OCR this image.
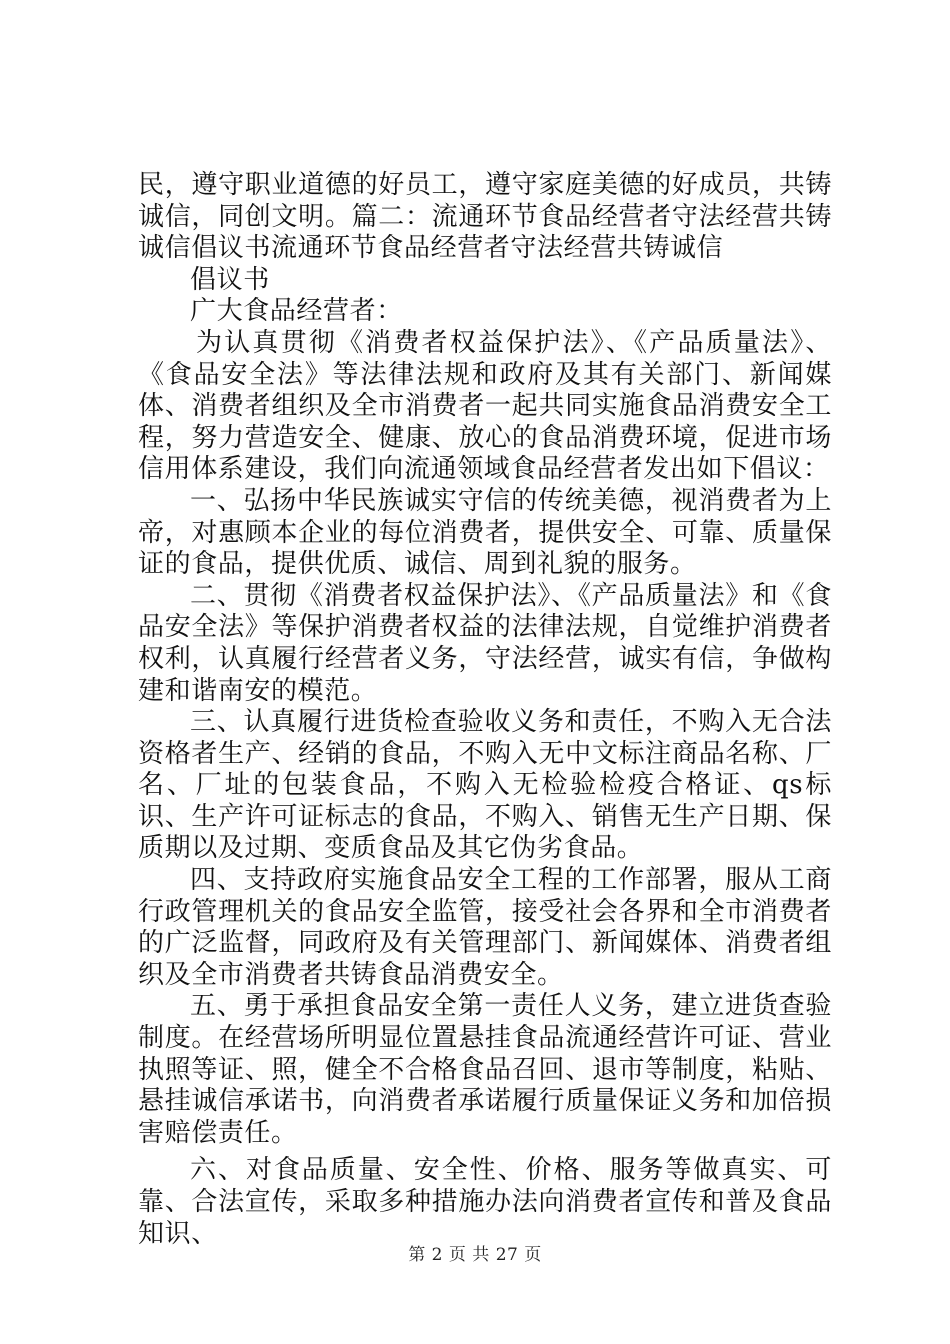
民，遵守职业道德的好员工，遵守家庭美德的好成员，共铸诚信，同创文明。篇二：流通环节食品经营者守法经营共铸诚信倡议书流通环节食品经营者守法经营共铸诚信

倡议书

广大食品经营者：

为认真贯彻《消费者权益保护法》、《产品质量法》、《食品安全法》等法律法规和政府及其有关部门、新闻媒体、消费者组织及全市消费者一起共同实施食品消费安全工程，努力营造安全、健康、放心的食品消费环境，促进市场信用体系建设，我们向流通领域食品经营者发出如下倡议：

一、弘扬中华民族诚实守信的传统美德，视消费者为上帝，对惠顾本企业的每位消费者，提供安全、可靠、质量保证的食品，提供优质、诚信、周到礼貌的服务。

二、贯彻《消费者权益保护法》、《产品质量法》和《食品安全法》等保护消费者权益的法律法规，自觉维护消费者权利，认真履行经营者义务，守法经营，诚实有信，争做构建和谐南安的模范。

三、认真履行进货检查验收义务和责任，不购入无合法资格者生产、经销的食品，不购入无中文标注商品名称、厂名、厂址的包装食品，不购入无检验检疫合格证、qs标识、生产许可证标志的食品，不购入、销售无生产日期、保质期以及过期、变质食品及其它伪劣食品。

四、支持政府实施食品安全工程的工作部署，服从工商行政管理机关的食品安全监管，接受社会各界和全市消费者的广泛监督，同政府及有关管理部门、新闻媒体、消费者组织及全市消费者共铸食品消费安全。

五、勇于承担食品安全第一责任人义务，建立进货查验制度。在经营场所明显位置悬挂食品流通经营许可证、营业执照等证、照，健全不合格食品召回、退市等制度，粘贴、悬挂诚信承诺书，向消费者承诺履行质量保证义务和加倍损害赔偿责任。

六、对食品质量、安全性、价格、服务等做真实、可靠、合法宣传，采取多种措施办法向消费者宣传和普及食品知识、

第 2 页 共 27 页
